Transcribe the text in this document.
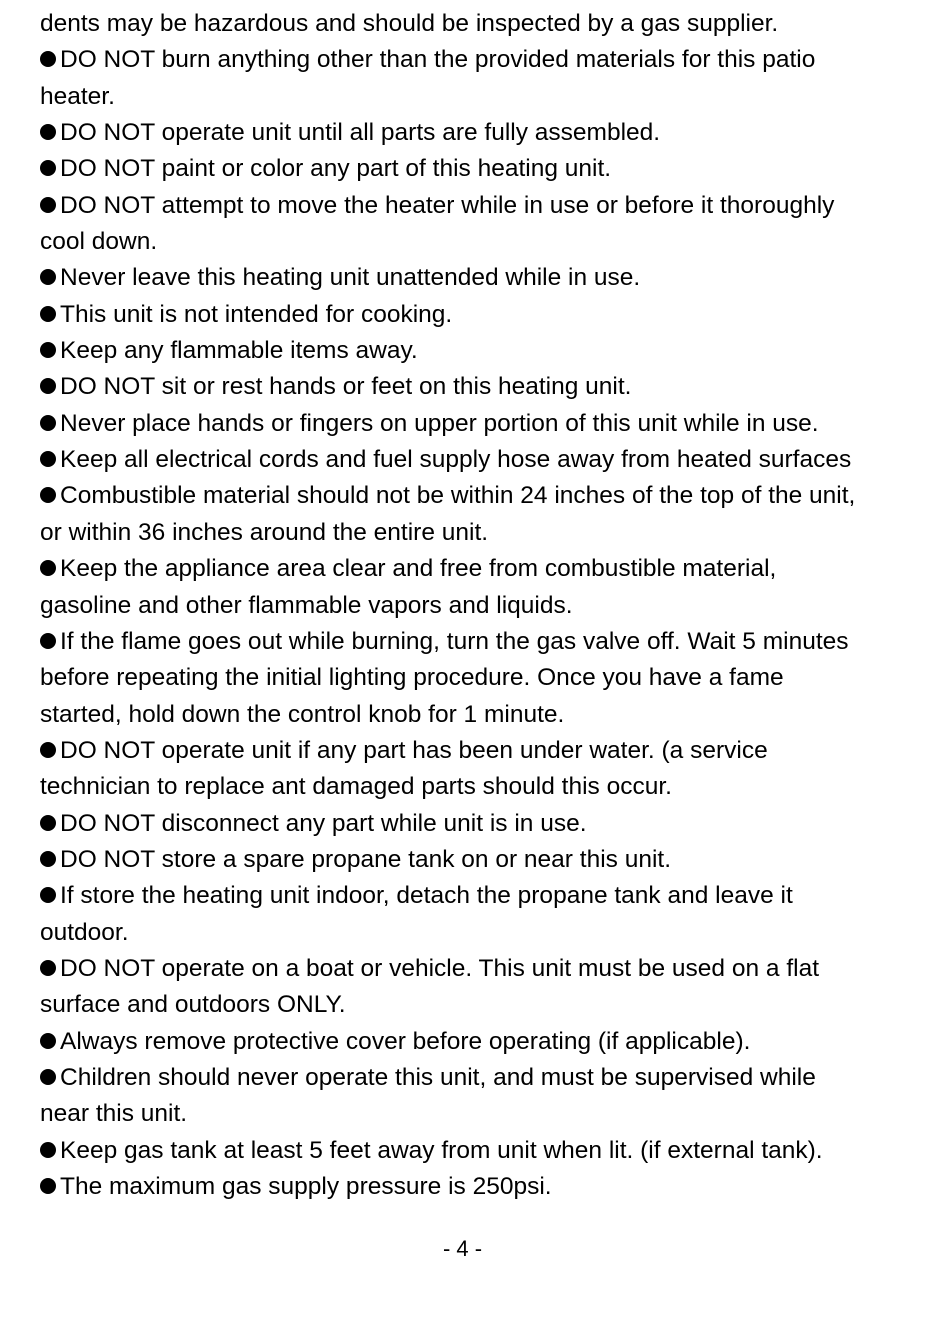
dents may be hazardous and should be inspected by a gas supplier.

DO NOT burn anything other than the provided materials for this patio

heater.

DO NOT operate unit until all parts are fully assembled.

DO NOT paint or color any part of this heating unit.

DO NOT attempt to move the heater while in use or before it thoroughly

cool down.

Never leave this heating unit unattended while in use.

This unit is not intended for cooking.

Keep any flammable items away.

DO NOT sit or rest hands or feet on this heating unit.

Never place hands or fingers on upper portion of this unit while in use.

Keep all electrical cords and fuel supply hose away from heated surfaces

Combustible material should not be within 24 inches of the top of the unit,

or within 36 inches around the entire unit.

Keep the appliance area clear and free from combustible material,

gasoline and other flammable vapors and liquids.

If the flame goes out while burning, turn the gas valve off. Wait 5 minutes

before repeating the initial lighting procedure. Once you have a fame

started, hold down the control knob for 1 minute.

DO NOT operate unit if any part has been under water. (a service

technician to replace ant damaged parts should this occur.

DO NOT disconnect any part while unit is in use.

DO NOT store a spare propane tank on or near this unit.

If store the heating unit indoor, detach the propane tank and leave it

outdoor.

DO NOT operate on a boat or vehicle. This unit must be used on a flat

surface and outdoors ONLY.

Always remove protective cover before operating (if applicable).

Children should never operate this unit, and must be supervised while

near this unit.

Keep gas tank at least 5 feet away from unit when lit. (if external tank).

The maximum gas supply pressure is 250psi.

- 4 -
